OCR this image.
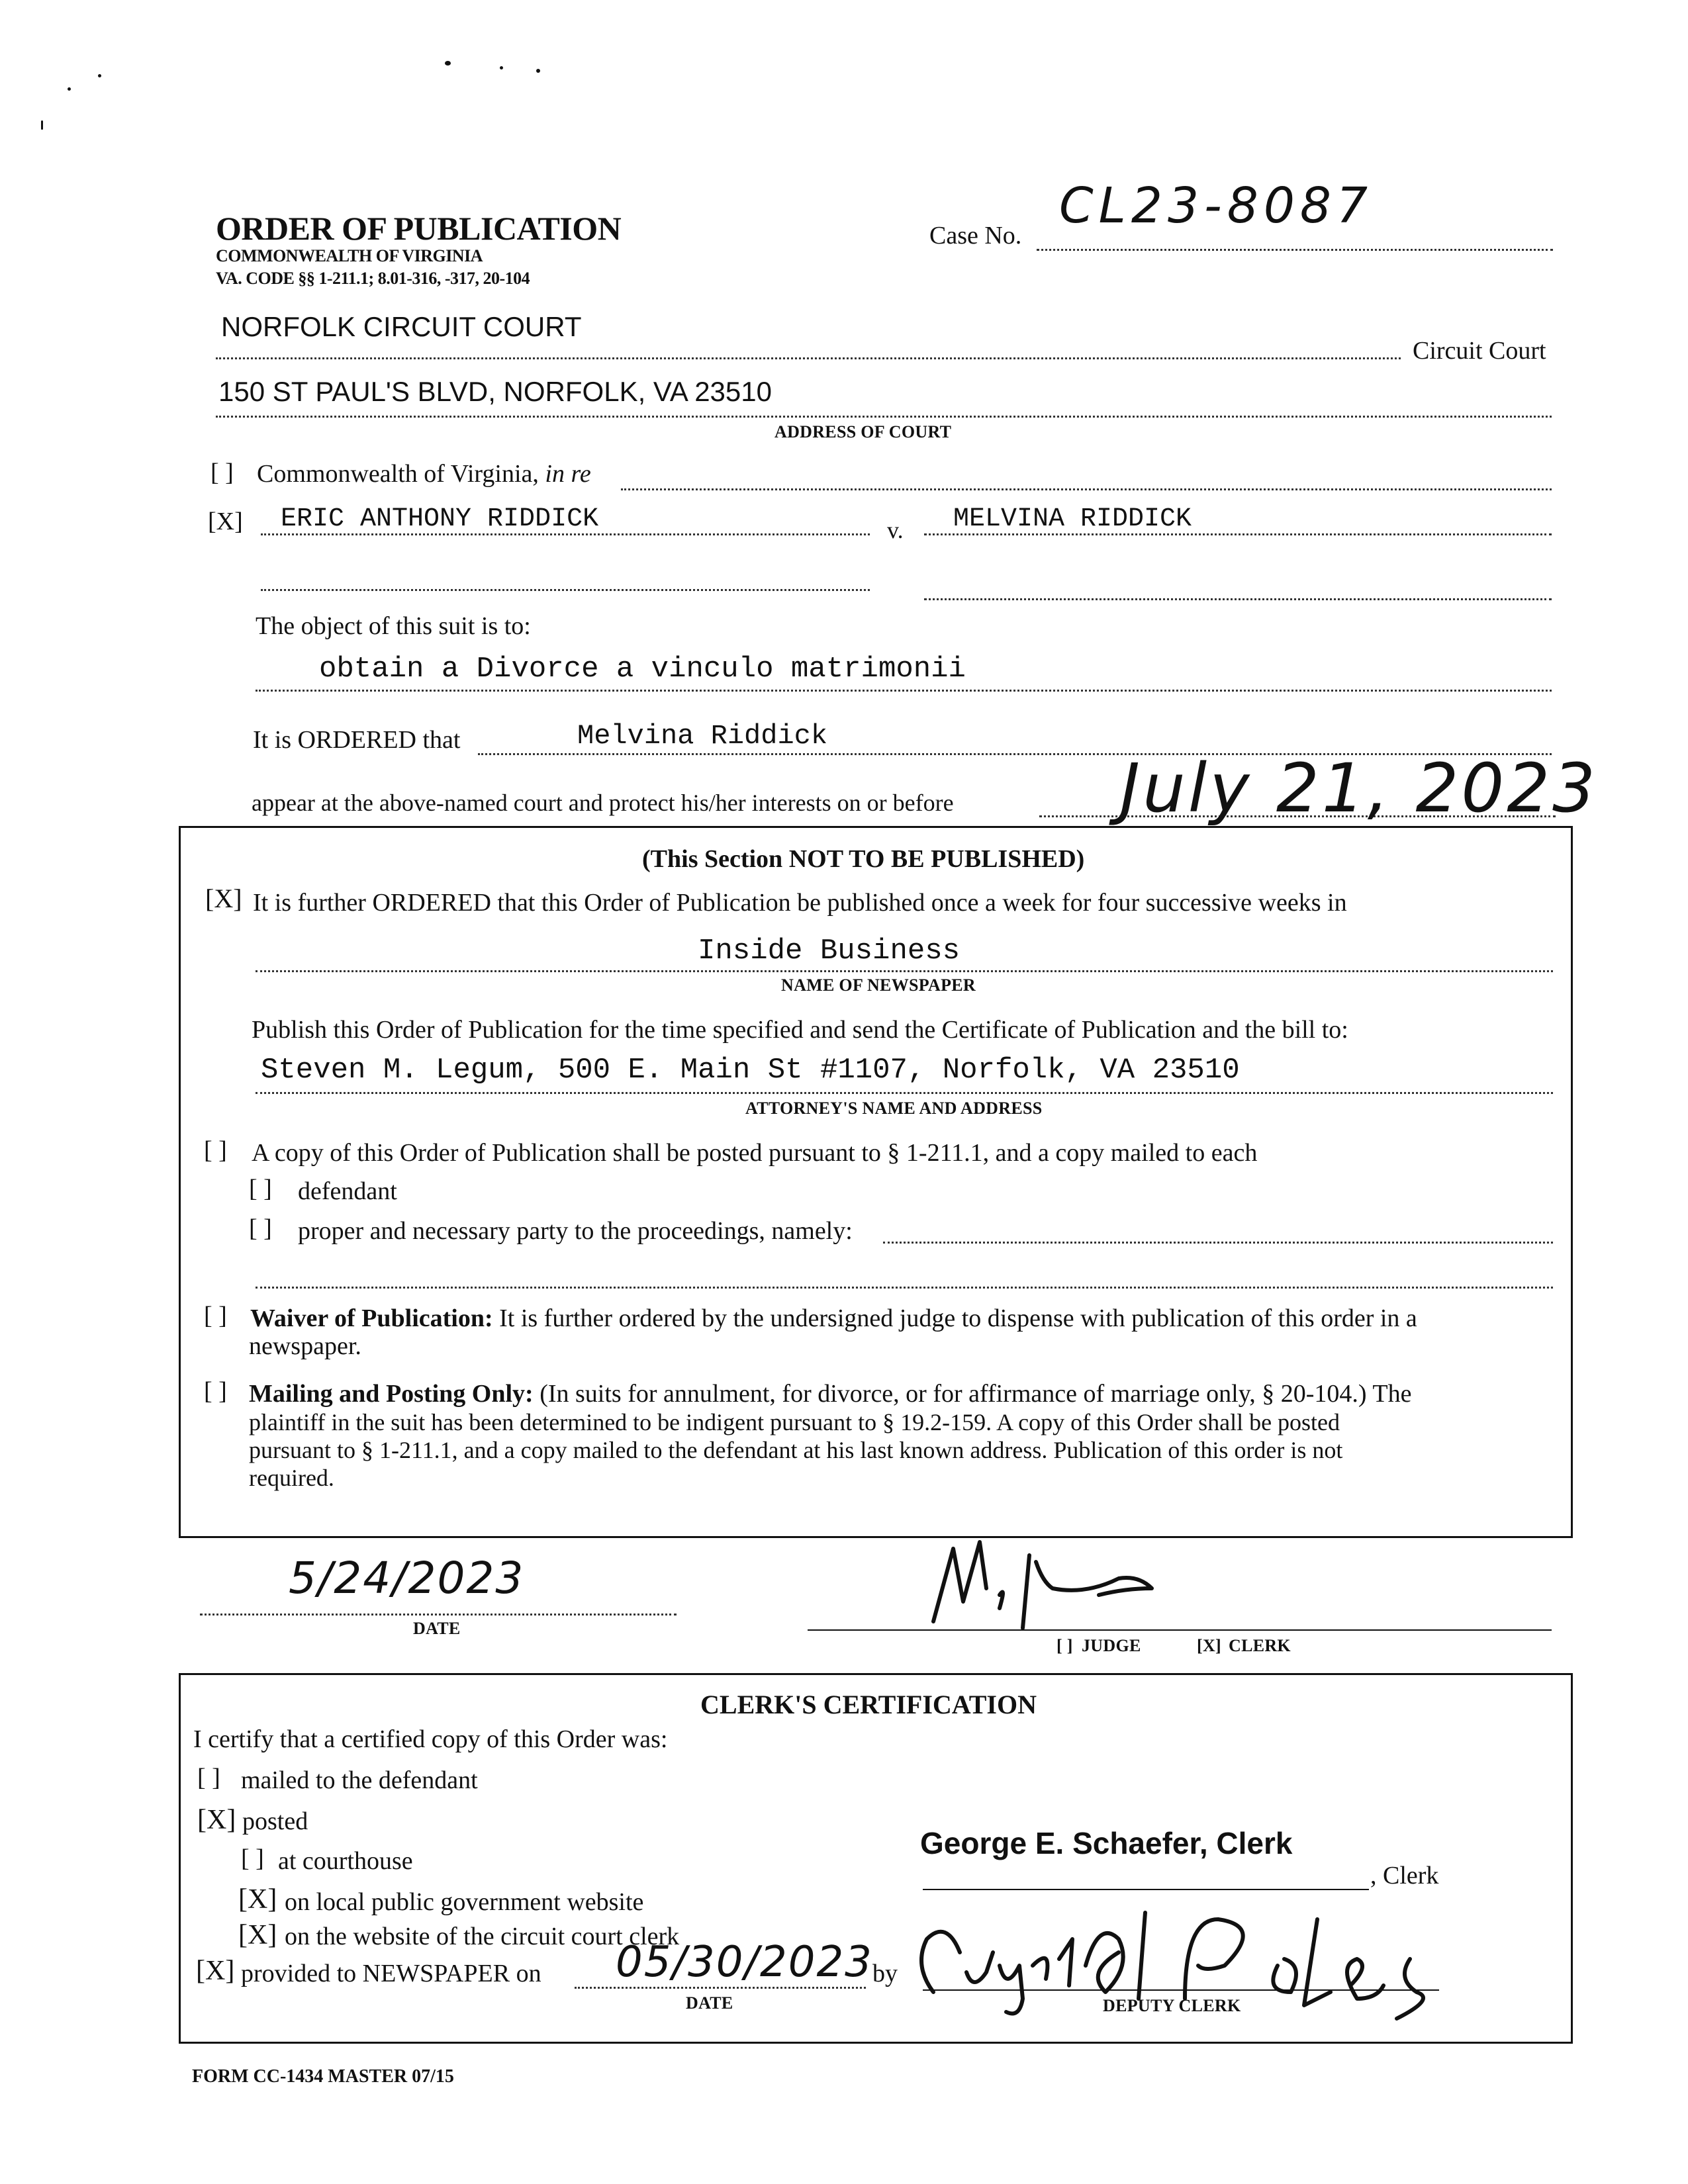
ORDER OF PUBLICATION
COMMONWEALTH OF VIRGINIA
VA. CODE §§ 1-211.1; 8.01-316, -317, 20-104
Case No.
CL23-8087
NORFOLK CIRCUIT COURT
Circuit Court
150 ST PAUL'S BLVD, NORFOLK, VA 23510
ADDRESS OF COURT
[ ] Commonwealth of Virginia, in re
[X] ERIC ANTHONY RIDDICK	v. MELVINA RIDDICK
The object of this suit is to:
obtain a Divorce a vinculo matrimonii
It is ORDERED that	Melvina Riddick
appear at the above-named court and protect his/her interests on or before July 21, 2023
(This Section NOT TO BE PUBLISHED)
[X] It is further ORDERED that this Order of Publication be published once a week for four successive weeks in
Inside Business
NAME OF NEWSPAPER
Publish this Order of Publication for the time specified and send the Certificate of Publication and the bill to:
Steven M. Legum, 500 E. Main St #1107, Norfolk, VA 23510
ATTORNEY'S NAME AND ADDRESS
[ ] A copy of this Order of Publication shall be posted pursuant to § 1-211.1, and a copy mailed to each
[ ] defendant
[ ] proper and necessary party to the proceedings, namely:
[ ] Waiver of Publication: It is further ordered by the undersigned judge to dispense with publication of this order in a
newspaper.
[ ] Mailing and Posting Only: (In suits for annulment, for divorce, or for affirmance of marriage only, § 20-104.) The
plaintiff in the suit has been determined to be indigent pursuant to § 19.2-159. A copy of this Order shall be posted
pursuant to § 1-211.1, and a copy mailed to the defendant at his last known address. Publication of this order is not
required.
5/24/2023
DATE
[ ] JUDGE	[X] CLERK
CLERK'S CERTIFICATION
I certify that a certified copy of this Order was:
[ ] mailed to the defendant
[X] posted
[ ] at courthouse
[X] on local public government website
[X] on the website of the circuit court clerk
[X] provided to NEWSPAPER on 05/30/2023 by
DATE
George E. Schaefer, Clerk
, Clerk
DEPUTY CLERK
FORM CC-1434 MASTER 07/15
